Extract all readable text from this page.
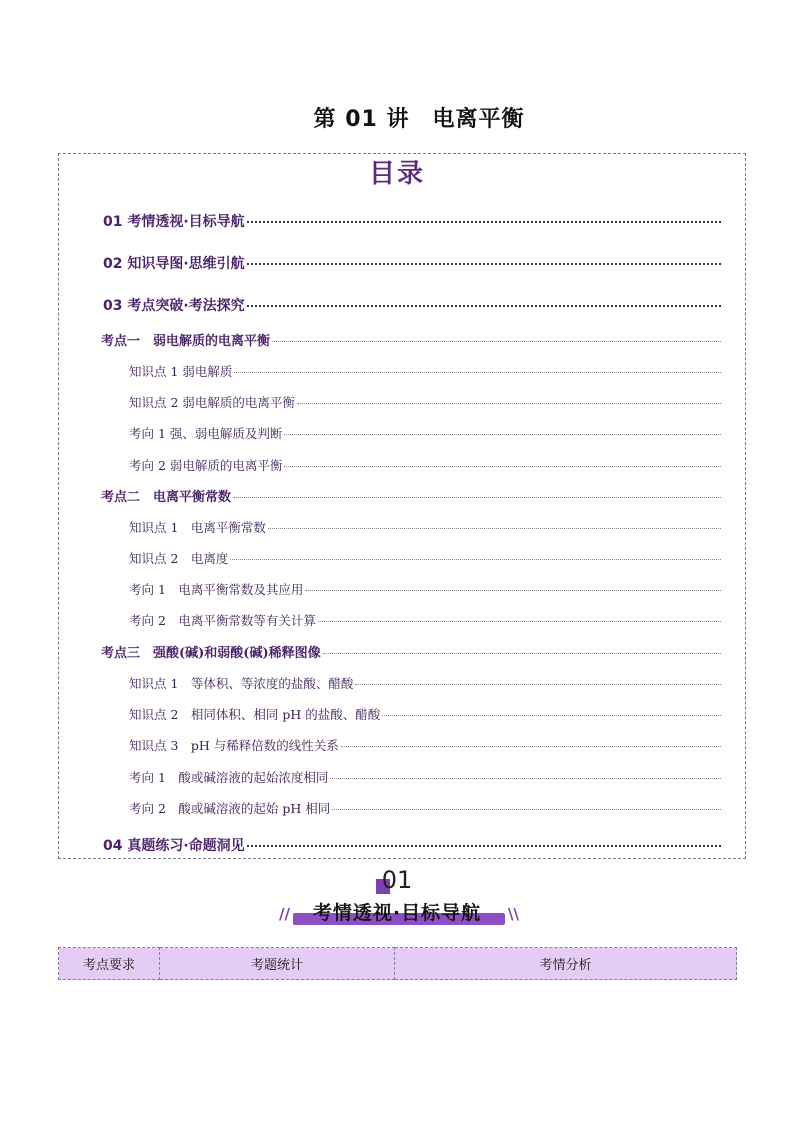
第 01 讲　电离平衡
目录
01 考情透视·目标导航
02 知识导图·思维引航
03 考点突破·考法探究
考点一　弱电解质的电离平衡
知识点 1 弱电解质
知识点 2 弱电解质的电离平衡
考向 1 强、弱电解质及判断
考向 2 弱电解质的电离平衡
考点二　电离平衡常数
知识点 1　电离平衡常数
知识点 2　电离度
考向 1　电离平衡常数及其应用
考向 2　电离平衡常数等有关计算
考点三　强酸(碱)和弱酸(碱)稀释图像
知识点 1　等体积、等浓度的盐酸、醋酸
知识点 2　相同体积、相同 pH 的盐酸、醋酸
知识点 3　pH 与稀释倍数的线性关系
考向 1　酸或碱溶液的起始浓度相同
考向 2　酸或碱溶液的起始 pH 相同
04 真题练习·命题洞见
01
//	考情透视·目标导航	\\
考点要求	考题统计	考情分析
